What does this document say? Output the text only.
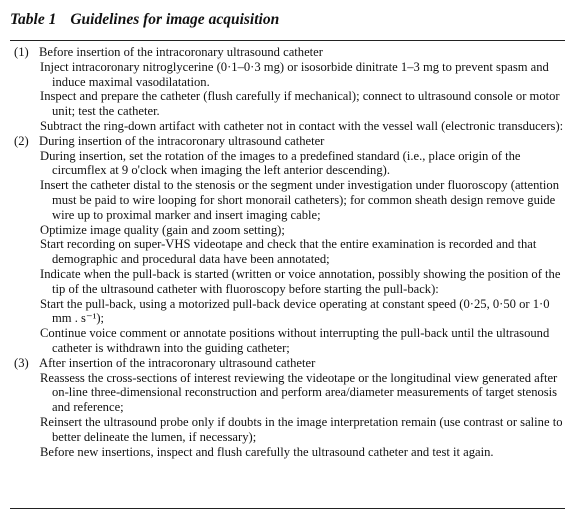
Table 1 Guidelines for image acquisition
(1) Before insertion of the intracoronary ultrasound catheter
Inject intracoronary nitroglycerine (0·1–0·3 mg) or isosorbide dinitrate 1–3 mg to prevent spasm and induce maximal vasodilatation.
Inspect and prepare the catheter (flush carefully if mechanical); connect to ultrasound console or motor unit; test the catheter.
Subtract the ring-down artifact with catheter not in contact with the vessel wall (electronic transducers):
(2) During insertion of the intracoronary ultrasound catheter
During insertion, set the rotation of the images to a predefined standard (i.e., place origin of the circumflex at 9 o'clock when imaging the left anterior descending).
Insert the catheter distal to the stenosis or the segment under investigation under fluoroscopy (attention must be paid to wire looping for short monorail catheters); for common sheath design remove guide wire up to proximal marker and insert imaging cable;
Optimize image quality (gain and zoom setting);
Start recording on super-VHS videotape and check that the entire examination is recorded and that demographic and procedural data have been annotated;
Indicate when the pull-back is started (written or voice annotation, possibly showing the position of the tip of the ultrasound catheter with fluoroscopy before starting the pull-back):
Start the pull-back, using a motorized pull-back device operating at constant speed (0·25, 0·50 or 1·0 mm . s⁻¹);
Continue voice comment or annotate positions without interrupting the pull-back until the ultrasound catheter is withdrawn into the guiding catheter;
(3) After insertion of the intracoronary ultrasound catheter
Reassess the cross-sections of interest reviewing the videotape or the longitudinal view generated after on-line three-dimensional reconstruction and perform area/diameter measurements of target stenosis and reference;
Reinsert the ultrasound probe only if doubts in the image interpretation remain (use contrast or saline to better delineate the lumen, if necessary);
Before new insertions, inspect and flush carefully the ultrasound catheter and test it again.
